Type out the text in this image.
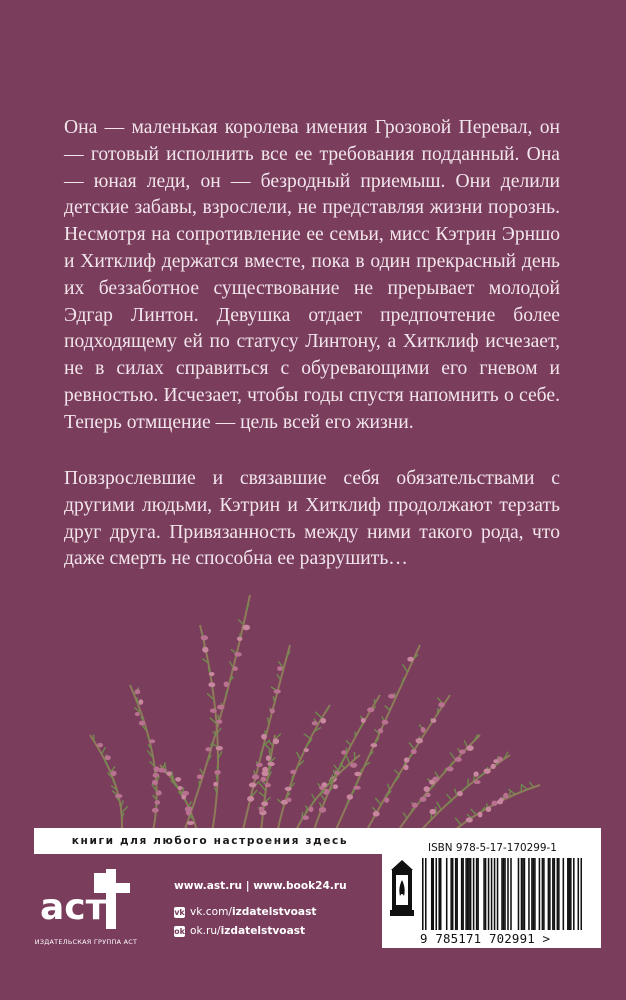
Она — маленькая королева имения Грозовой Перевал, он — готовый исполнить все ее требования подданный. Она — юная леди, он — безродный приемыш. Они делили детские забавы, взрослели, не представляя жизни порознь. Несмотря на сопротивление ее семьи, мисс Кэтрин Эрншо и Хитклиф держатся вместе, пока в один прекрасный день их беззаботное существование не прерывает молодой Эдгар Линтон. Девушка отдает предпочтение более подходящему ей по статусу Линтону, а Хитклиф исчезает, не в силах справиться с обуревающими его гневом и ревностью. Исчезает, чтобы годы спустя напомнить о себе. Теперь отмщение — цель всей его жизни.

Повзрослевшие и связавшие себя обязательствами с другими людьми, Кэтрин и Хитклиф продолжают терзать друг друга. Привязанность между ними такого рода, что даже смерть не способна ее разрушить…

книги для любого настроения здесь
аст
ИЗДАТЕЛЬСКАЯ ГРУППА АСТ
www.ast.ru | www.book24.ru
vk vk.com/izdatelstvoast
ok ok.ru/izdatelstvoast
ISBN 978-5-17-170299-1
9 785171 702991 >
